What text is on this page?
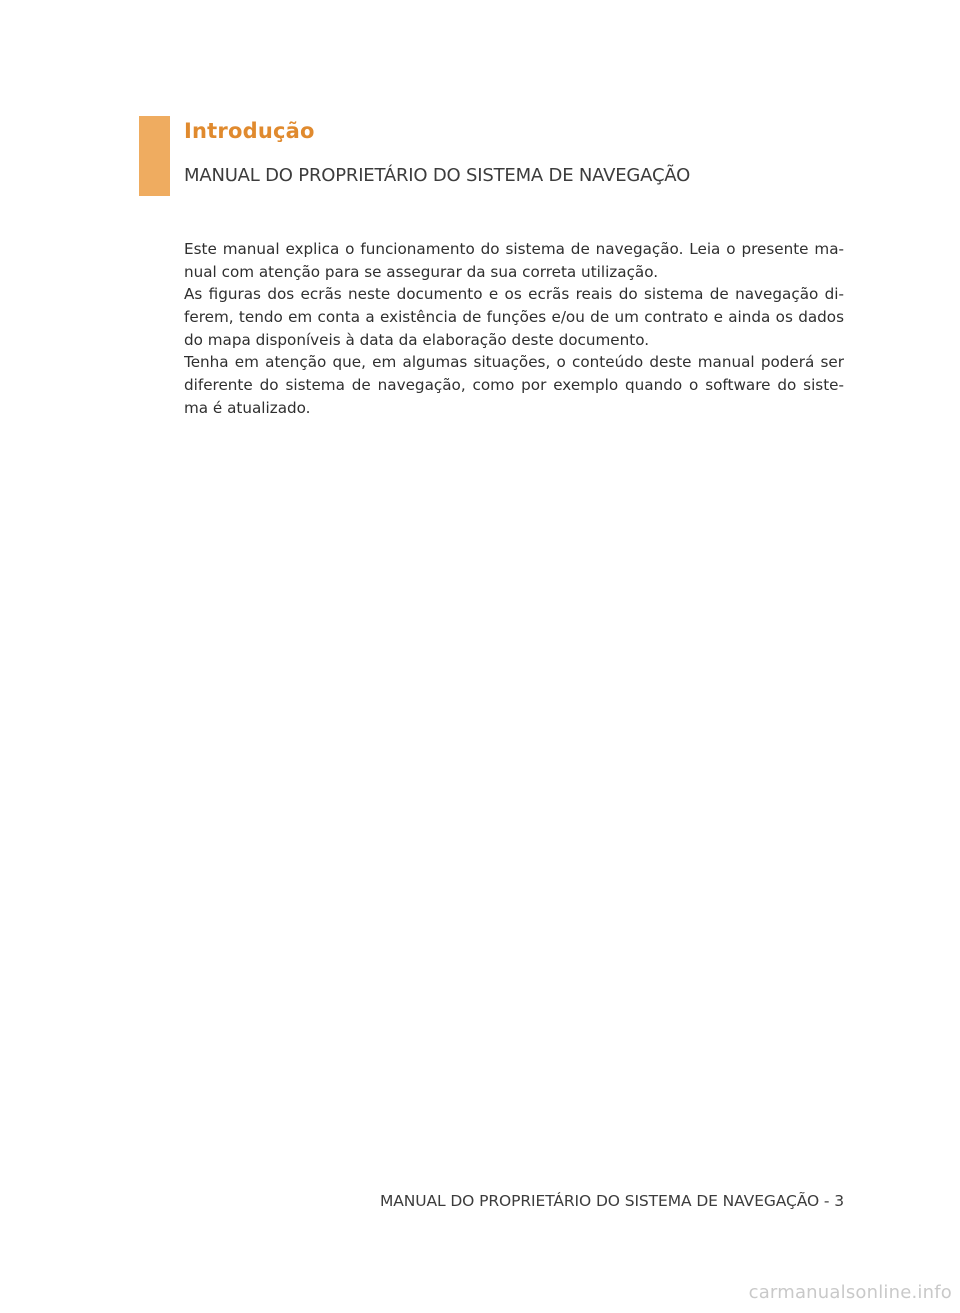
Introdução
MANUAL DO PROPRIETÁRIO DO SISTEMA DE NAVEGAÇÃO
Este manual explica o funcionamento do sistema de navegação. Leia o presente ma-
nual com atenção para se assegurar da sua correta utilização.
As figuras dos ecrãs neste documento e os ecrãs reais do sistema de navegação di-
ferem, tendo em conta a existência de funções e/ou de um contrato e ainda os dados
do mapa disponíveis à data da elaboração deste documento.
Tenha em atenção que, em algumas situações, o conteúdo deste manual poderá ser
diferente do sistema de navegação, como por exemplo quando o software do siste-
ma é atualizado.
MANUAL DO PROPRIETÁRIO DO SISTEMA DE NAVEGAÇÃO - 3
carmanualsonline.info
